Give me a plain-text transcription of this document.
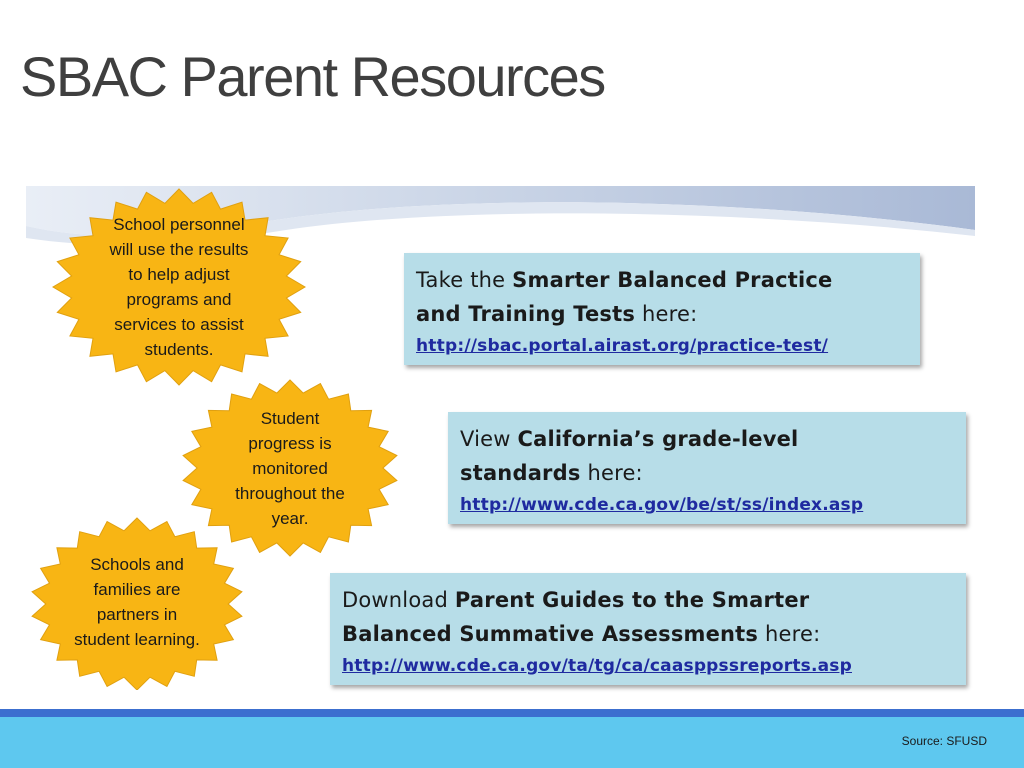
SBAC Parent Resources
School personnel
will use the results
to help adjust
programs and
services to assist
students.
Student
progress is
monitored
throughout the
year.
Schools and
families are
partners in
student learning.
Take the Smarter Balanced Practice
and Training Tests here:
http://sbac.portal.airast.org/practice-test/
View California’s grade-level
standards here:
http://www.cde.ca.gov/be/st/ss/index.asp
Download Parent Guides to the Smarter
Balanced Summative Assessments here:
http://www.cde.ca.gov/ta/tg/ca/caasppssreports.asp
Source: SFUSD
